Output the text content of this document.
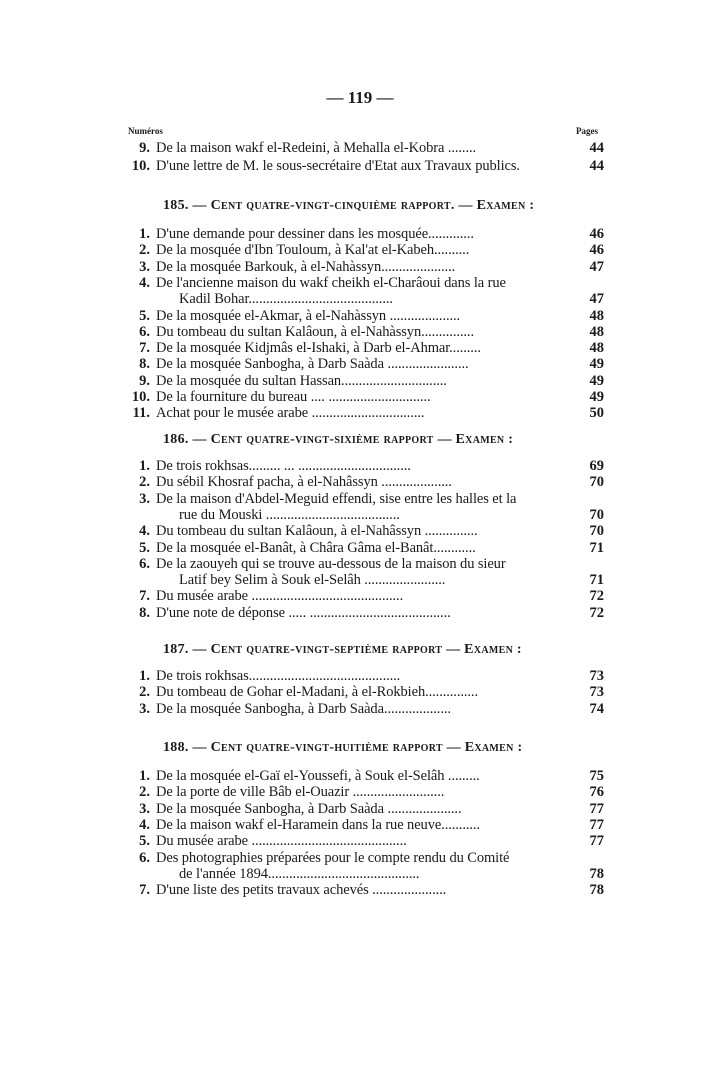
— 119 —
Numéros	Pages
9. De la maison wakf el-Redeini, à Mehalla el-Kobra ........	44
10. D'une lettre de M. le sous-secrétaire d'Etat aux Travaux publics.	44
185. — Cent quatre-vingt-cinquième rapport. — Examen :
1. D'une demande pour dessiner dans les mosquée.............	46
2. De la mosquée d'Ibn Touloum, à Kal'at el-Kabeh..........	46
3. De la mosquée Barkouk, à el-Nahàssyn.....................	47
4. De l'ancienne maison du wakf cheikh el-Charâoui dans la rue
Kadil Bohar.........................................	47
5. De la mosquée el-Akmar, à el-Nahàssyn ....................	48
6. Du tombeau du sultan Kalâoun, à el-Nahàssyn...............	48
7. De la mosquée Kidjmâs el-Ishaki, à Darb el-Ahmar.........	48
8. De la mosquée Sanbogha, à Darb Saàda .......................	49
9. De la mosquée du sultan Hassan..............................	49
10. De la fourniture du bureau .... .............................	49
11. Achat pour le musée arabe ................................	50
186. — Cent quatre-vingt-sixième rapport — Examen :
1. De trois rokhsas......... ... ................................	69
2. Du sébil Khosraf pacha, à el-Nahâssyn ....................	70
3. De la maison d'Abdel-Meguid effendi, sise entre les halles et la
rue du Mouski ......................................	70
4. Du tombeau du sultan Kalâoun, à el-Nahâssyn ...............	70
5. De la mosquée el-Banât, à Châra Gâma el-Banât............	71
6. De la zaouyeh qui se trouve au-dessous de la maison du sieur
Latif bey Selim à Souk el-Selâh .......................	71
7. Du musée arabe ...........................................	72
8. D'une note de déponse ..... ........................................	72
187. — Cent quatre-vingt-septième rapport — Examen :
1. De trois rokhsas...........................................	73
2. Du tombeau de Gohar el-Madani, à el-Rokbieh...............	73
3. De la mosquée Sanbogha, à Darb Saàda...................	74
188. — Cent quatre-vingt-huitième rapport — Examen :
1. De la mosquée el-Gaï el-Youssefi, à Souk el-Selâh .........	75
2. De la porte de ville Bâb el-Ouazir ..........................	76
3. De la mosquée Sanbogha, à Darb Saàda .....................	77
4. De la maison wakf el-Haramein dans la rue neuve...........	77
5. Du musée arabe ............................................	77
6. Des photographies préparées pour le compte rendu du Comité
de l'année 1894...........................................	78
7. D'une liste des petits travaux achevés .....................	78
